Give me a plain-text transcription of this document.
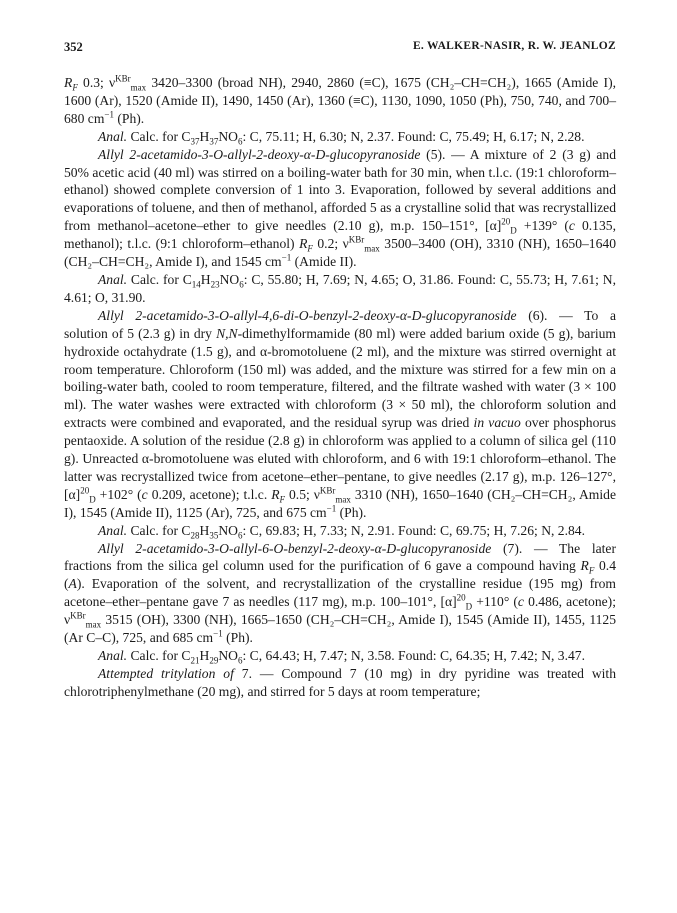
352	E. WALKER-NASIR, R. W. JEANLOZ

$R_F$ 0.3; $\nu^{KBr}_{max}$ 3420–3300 (broad NH), 2940, 2860 (≡C), 1675 (CH₂–CH=CH₂), 1665 (Amide I), 1600 (Ar), 1520 (Amide II), 1490, 1450 (Ar), 1360 (≡C), 1130, 1090, 1050 (Ph), 750, 740, and 700–680 $cm^{-1}$ (Ph).

Anal. Calc. for $C_{37}H_{37}NO_6$: C, 75.11; H, 6.30; N, 2.37. Found: C, 75.49; H, 6.17; N, 2.28.

Allyl 2-acetamido-3-O-allyl-2-deoxy-α-D-glucopyranoside (5). — A mixture of 2 (3 g) and 50% acetic acid (40 ml) was stirred on a boiling-water bath for 30 min, when t.l.c. (19:1 chloroform–ethanol) showed complete conversion of 1 into 3. Evaporation, followed by several additions and evaporations of toluene, and then of methanol, afforded 5 as a crystalline solid that was recrystallized from methanol–acetone–ether to give needles (2.10 g), m.p. 150–151°, $[\alpha]^{20}_D +139^\circ$ (c 0.135, methanol); t.l.c. (9:1 chloroform–ethanol) $R_F$ 0.2; $\nu^{KBr}_{max}$ 3500–3400 (OH), 3310 (NH), 1650–1640 (CH₂–CH=CH₂, Amide I), and 1545 $cm^{-1}$ (Amide II).

Anal. Calc. for $C_{14}H_{23}NO_6$: C, 55.80; H, 7.69; N, 4.65; O, 31.86. Found: C, 55.73; H, 7.61; N, 4.61; O, 31.90.

Allyl 2-acetamido-3-O-allyl-4,6-di-O-benzyl-2-deoxy-α-D-glucopyranoside (6). — To a solution of 5 (2.3 g) in dry N,N-dimethylformamide (80 ml) were added barium oxide (5 g), barium hydroxide octahydrate (1.5 g), and α-bromotoluene (2 ml), and the mixture was stirred overnight at room temperature. Chloroform (150 ml) was added, and the mixture was stirred for a few min on a boiling-water bath, cooled to room temperature, filtered, and the filtrate washed with water (3 × 100 ml). The water washes were extracted with chloroform (3 × 50 ml), the chloroform solution and extracts were combined and evaporated, and the residual syrup was dried in vacuo over phosphorus pentaoxide. A solution of the residue (2.8 g) in chloroform was applied to a column of silica gel (110 g). Unreacted α-bromotoluene was eluted with chloroform, and 6 with 19:1 chloroform–ethanol. The latter was recrystallized twice from acetone–ether–pentane, to give needles (2.17 g), m.p. 126–127°, $[\alpha]^{20}_D +102^\circ$ (c 0.209, acetone); t.l.c. $R_F$ 0.5; $\nu^{KBr}_{max}$ 3310 (NH), 1650–1640 (CH₂–CH=CH₂, Amide I), 1545 (Amide II), 1125 (Ar), 725, and 675 $cm^{-1}$ (Ph).

Anal. Calc. for $C_{28}H_{35}NO_6$: C, 69.83; H, 7.33; N, 2.91. Found: C, 69.75; H, 7.26; N, 2.84.

Allyl 2-acetamido-3-O-allyl-6-O-benzyl-2-deoxy-α-D-glucopyranoside (7). — The later fractions from the silica gel column used for the purification of 6 gave a compound having $R_F$ 0.4 (A). Evaporation of the solvent, and recrystallization of the crystalline residue (195 mg) from acetone–ether–pentane gave 7 as needles (117 mg), m.p. 100–101°, $[\alpha]^{20}_D +110^\circ$ (c 0.486, acetone); $\nu^{KBr}_{max}$ 3515 (OH), 3300 (NH), 1665–1650 (CH₂–CH=CH₂, Amide I), 1545 (Amide II), 1455, 1125 (Ar C–C), 725, and 685 $cm^{-1}$ (Ph).

Anal. Calc. for $C_{21}H_{29}NO_6$: C, 64.43; H, 7.47; N, 3.58. Found: C, 64.35; H, 7.42; N, 3.47.

Attempted tritylation of 7. — Compound 7 (10 mg) in dry pyridine was treated with chlorotriphenylmethane (20 mg), and stirred for 5 days at room temperature;
